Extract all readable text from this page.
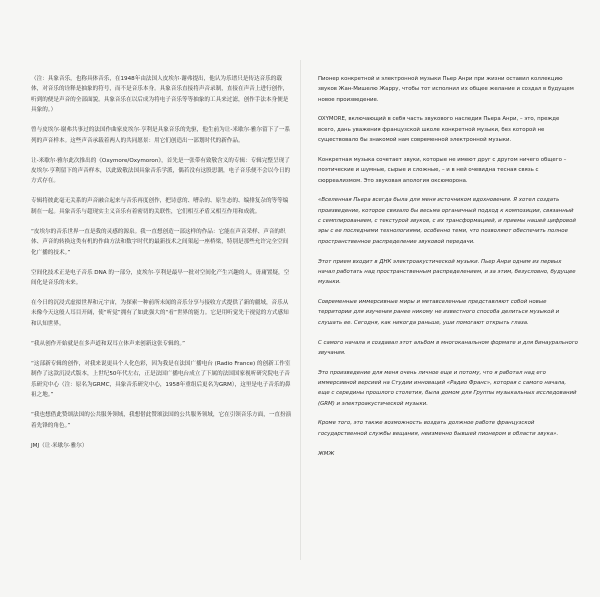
（注：具象音乐，也称具体音乐，在1948年由法国人皮埃尔·谢弗提出，他认为乐谱只是传达音乐的载体，对音乐的诠释是抽象的符号，而不是音乐本身。具象音乐直接将声音录制，直接在声音上进行创作，听到的便是声音的全部面貌。具象音乐在以后成为将电子音乐等等抽象的工具来过滤，创作手法本身便是具象的。）

曾与皮埃尔·谢弗共事过的法国作曲家皮埃尔·亨利是具象音乐的先驱，他生前为让-米歇尔·雅尔留下了一系列的声音样本。这些声音承载着两人的共同愿景：用它们创造出一部划时代的新作品。

让-米歇尔·雅尔此次推出的《Oxymore/Oxymoron》，首先是一张带有致敬含义的专辑：专辑完整呈现了皮埃尔·亨利留下的声音样本，以此致敬法国具象音乐学派，偶若没有这股思潮，电子音乐便不会以今日的方式存在。

专辑将彼此毫无关系的声音融合起来与音乐再度创作，把诗意的、嘈杂的、原生态的、编排复杂的等等编制在一起。具象音乐与超现实主义音乐有着密切的关联性，它们相互矛盾又相互作用和成就。

“皮埃尔的音乐世界一直是我的灵感的源泉。我一直想创造一部这样的作品：它能在声音采样、声音的织体、声音的转换这类有机的作曲方法和数字时代的最新技术之间架起一座桥梁，特别是那些允许完全空间化广播的技术。”

空间化技术正是电子音乐 DNA 的一部分，皮埃尔·亨利是最早一批对空间化产生兴趣的人，毋庸置疑，空间化是音乐的未来。

在今日的沉浸式虚拟世界和元宇宙，为探索一种前所未闻的音乐分享与接收方式提供了新的疆域，音乐从未像今天这般人耳目开阔，使“听觉”拥有了如此强大的“看”世界的能力。它是用听觉先于视觉的方式感知和认知世界。

“我从创作开始就是在多声道和双耳立体声来创新这张专辑的。”

“这部新专辑的创作，对我来说更具个人化色彩，因为我是在法国广播电台 (Radio France) 的创新工作室制作了这款沉浸式版本，上世纪50年代左右，正是法国广播电台成立了下属的法国国家视听研究院电子音乐研究中心（注：原名为GRMC，具象音乐研究中心，1958年重组后更名为GRM），这里是电子音乐的鼻祖之地。”

“我也想借此赞颂法国的公共服务领域，我想借此赞颂法国的公共服务领域，它在引领音乐方面，一直扮演着先锋的角色。”

JMJ（让·米歇尔·雅尔）

Пионер конкретной и электронной музыки Пьер Анри при жизни оставил коллекцию звуков Жан-Мишелю Жарру, чтобы тот исполнил их общее желание и создал в будущем новое произведение.

OXYMORE, включающий в себя часть звукового наследия Пьера Анри, – это, прежде всего, дань уважения французской школе конкретной музыки, без которой не существовало бы знакомой нам современной электронной музыки.

Конкретная музыка сочетает звуки, которые не имеют друг с другом ничего общего – поэтические и шумные, сырые и сложные, – и в ней очевидна тесная связь с сюрреализмом. Это звуковая апология оксюморона.

«Вселенная Пьера всегда была для меня источником вдохновения. Я хотел создать произведение, которое связало бы весьма органичный подход к композиции, связанный с семплированием, с текстурой звуков, с их трансформацией, и приемы нашей цифровой эры с ее последними технологиями, особенно теми, что позволяют обеспечить полное пространственное распределение звуковой передачи.

Этот прием входит в ДНК электроакустической музыки. Пьер Анри одним из первых начал работать над пространственным распределением, и за этим, безусловно, будущее музыки.

Современные иммерсивные миры и метавселенные представляют собой новые территории для изучения ранее никому не известного способа делиться музыкой и слушать ее. Сегодня, как никогда раньше, уши помогают открыть глаза.

С самого начала я создавал этот альбом в многоканальном формате и для бинаурального звучания.

Это произведение для меня очень личное еще и потому, что я работал над его иммерсивной версией на Студии инноваций «Радио Франс», которая с самого начала, еще с середины прошлого столетия, была домом для Группы музыкальных исследований (GRM) и электроакустической музыки.

Кроме того, это также возможность воздать должное работе французской государственной службы вещания, неизменно бывшей пионером в области звука».

ЖМЖ
